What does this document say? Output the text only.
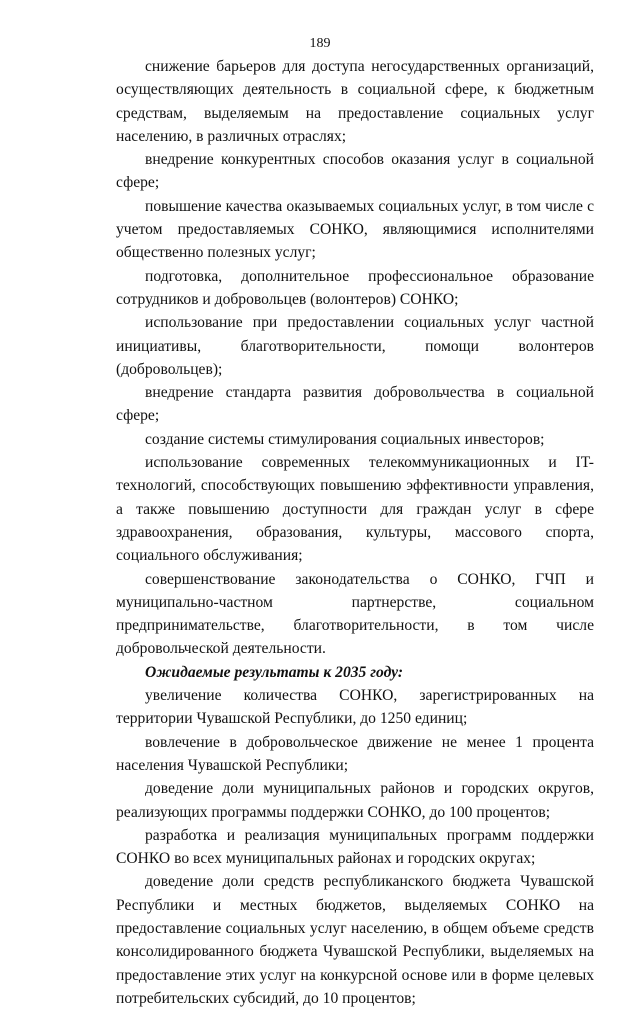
189

снижение барьеров для доступа негосударственных организаций, осуществляющих деятельность в социальной сфере, к бюджетным средствам, выделяемым на предоставление социальных услуг населению, в различных отраслях;

внедрение конкурентных способов оказания услуг в социальной сфере;

повышение качества оказываемых социальных услуг, в том числе с учетом предоставляемых СОНКО, являющимися исполнителями общественно полезных услуг;

подготовка, дополнительное профессиональное образование сотрудников и добровольцев (волонтеров) СОНКО;

использование при предоставлении социальных услуг частной инициативы, благотворительности, помощи волонтеров (добровольцев);

внедрение стандарта развития добровольчества в социальной сфере;

создание системы стимулирования социальных инвесторов;

использование современных телекоммуникационных и IT-технологий, способствующих повышению эффективности управления, а также повышению доступности для граждан услуг в сфере здравоохранения, образования, культуры, массового спорта, социального обслуживания;

совершенствование законодательства о СОНКО, ГЧП и муниципально-частном партнерстве, социальном предпринимательстве, благотворительности, в том числе добровольческой деятельности.

Ожидаемые результаты к 2035 году:

увеличение количества СОНКО, зарегистрированных на территории Чувашской Республики, до 1250 единиц;

вовлечение в добровольческое движение не менее 1 процента населения Чувашской Республики;

доведение доли муниципальных районов и городских округов, реализующих программы поддержки СОНКО, до 100 процентов;

разработка и реализация муниципальных программ поддержки СОНКО во всех муниципальных районах и городских округах;

доведение доли средств республиканского бюджета Чувашской Республики и местных бюджетов, выделяемых СОНКО на предоставление социальных услуг населению, в общем объеме средств консолидированного бюджета Чувашской Республики, выделяемых на предоставление этих услуг на конкурсной основе или в форме целевых потребительских субсидий, до 10 процентов;
